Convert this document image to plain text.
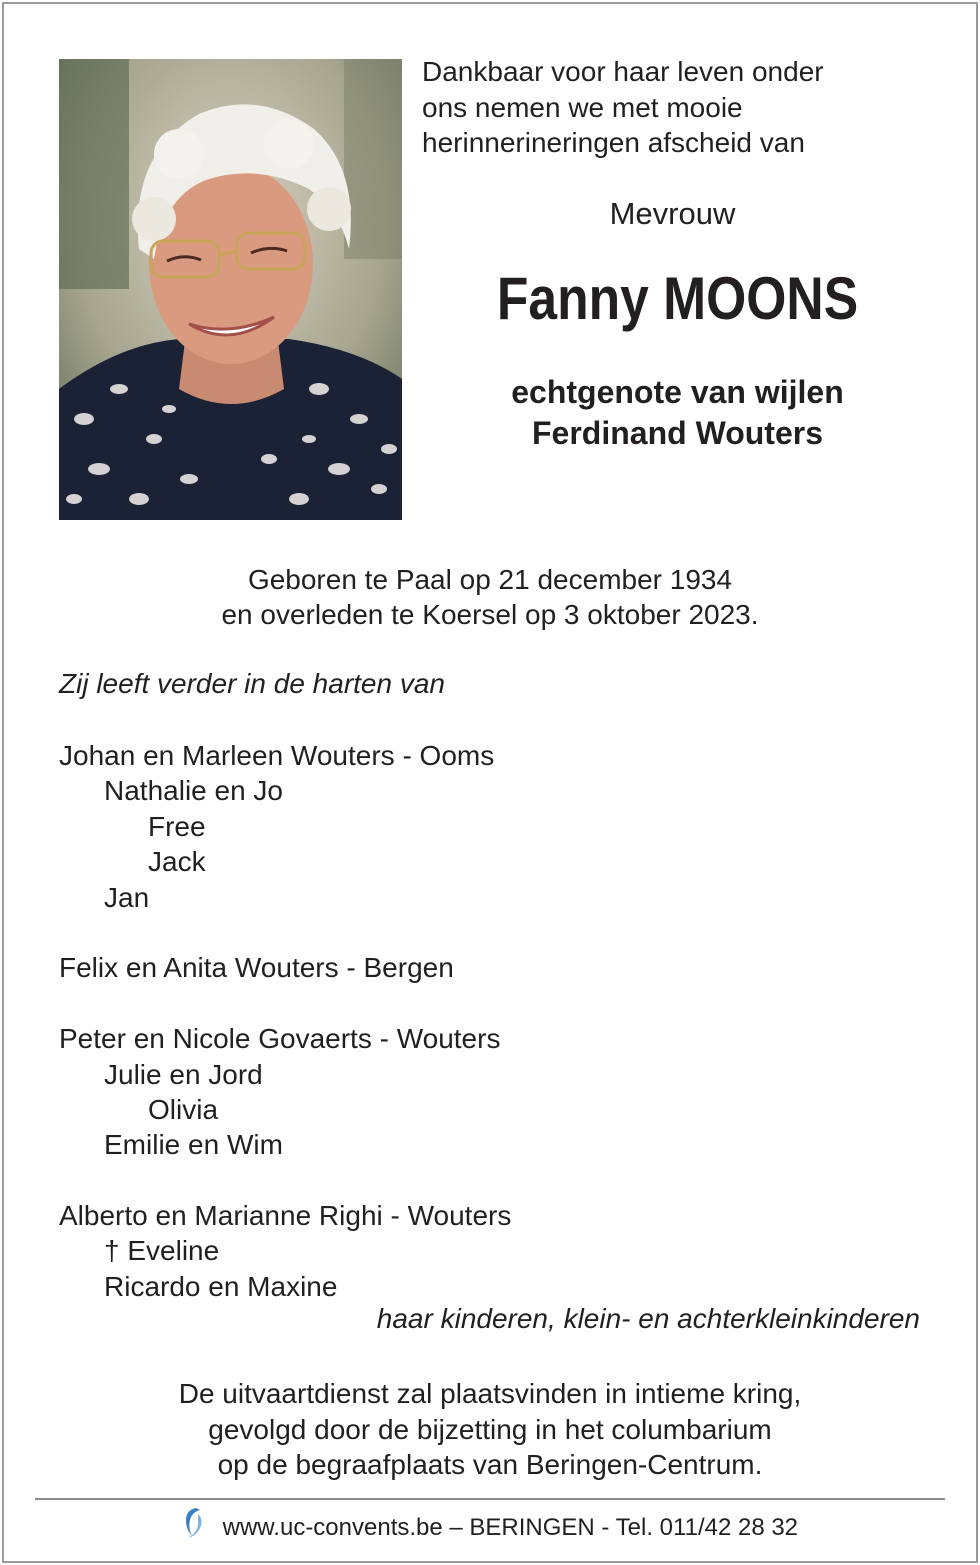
Dankbaar voor haar leven onder
ons nemen we met mooie
herinnerineringen afscheid van
Mevrouw
Fanny MOONS
echtgenote van wijlen
Ferdinand Wouters
Geboren te Paal op 21 december 1934
en overleden te Koersel op 3 oktober 2023.
Zij leeft verder in de harten van
Johan en Marleen Wouters - Ooms
Nathalie en Jo
Free
Jack
Jan
Felix en Anita Wouters - Bergen
Peter en Nicole Govaerts - Wouters
Julie en Jord
Olivia
Emilie en Wim
Alberto en Marianne Righi - Wouters
† Eveline
Ricardo en Maxine
haar kinderen, klein- en achterkleinkinderen
De uitvaartdienst zal plaatsvinden in intieme kring,
gevolgd door de bijzetting in het columbarium
op de begraafplaats van Beringen-Centrum.
www.uc-convents.be – BERINGEN - Tel. 011/42 28 32
